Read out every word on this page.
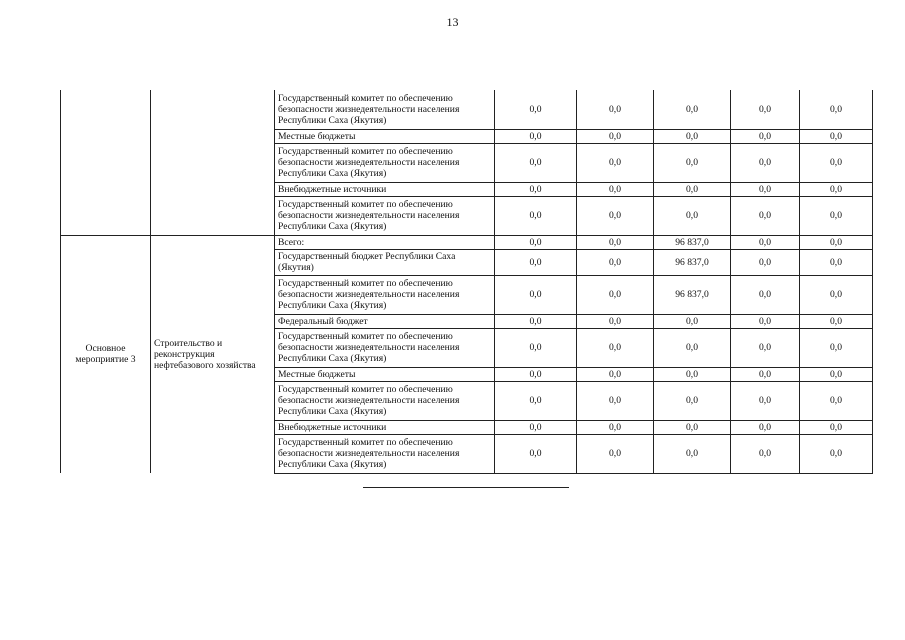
13
		Государственный комитет по обеспечению безопасности жизнедеятельности населения Республики Саха (Якутия)	0,0	0,0	0,0	0,0	0,0
		Местные бюджеты	0,0	0,0	0,0	0,0	0,0
		Государственный комитет по обеспечению безопасности жизнедеятельности населения Республики Саха (Якутия)	0,0	0,0	0,0	0,0	0,0
		Внебюджетные источники	0,0	0,0	0,0	0,0	0,0
		Государственный комитет по обеспечению безопасности жизнедеятельности населения Республики Саха (Якутия)	0,0	0,0	0,0	0,0	0,0

Основное мероприятие 3	Строительство и реконструкция нефтебазового хозяйства	Всего:	0,0	0,0	96 837,0	0,0	0,0
		Государственный бюджет Республики Саха (Якутия)	0,0	0,0	96 837,0	0,0	0,0
		Государственный комитет по обеспечению безопасности жизнедеятельности населения Республики Саха (Якутия)	0,0	0,0	96 837,0	0,0	0,0
		Федеральный бюджет	0,0	0,0	0,0	0,0	0,0
		Государственный комитет по обеспечению безопасности жизнедеятельности населения Республики Саха (Якутия)	0,0	0,0	0,0	0,0	0,0
		Местные бюджеты	0,0	0,0	0,0	0,0	0,0
		Государственный комитет по обеспечению безопасности жизнедеятельности населения Республики Саха (Якутия)	0,0	0,0	0,0	0,0	0,0
		Внебюджетные источники	0,0	0,0	0,0	0,0	0,0
		Государственный комитет по обеспечению безопасности жизнедеятельности населения Республики Саха (Якутия)	0,0	0,0	0,0	0,0	0,0
